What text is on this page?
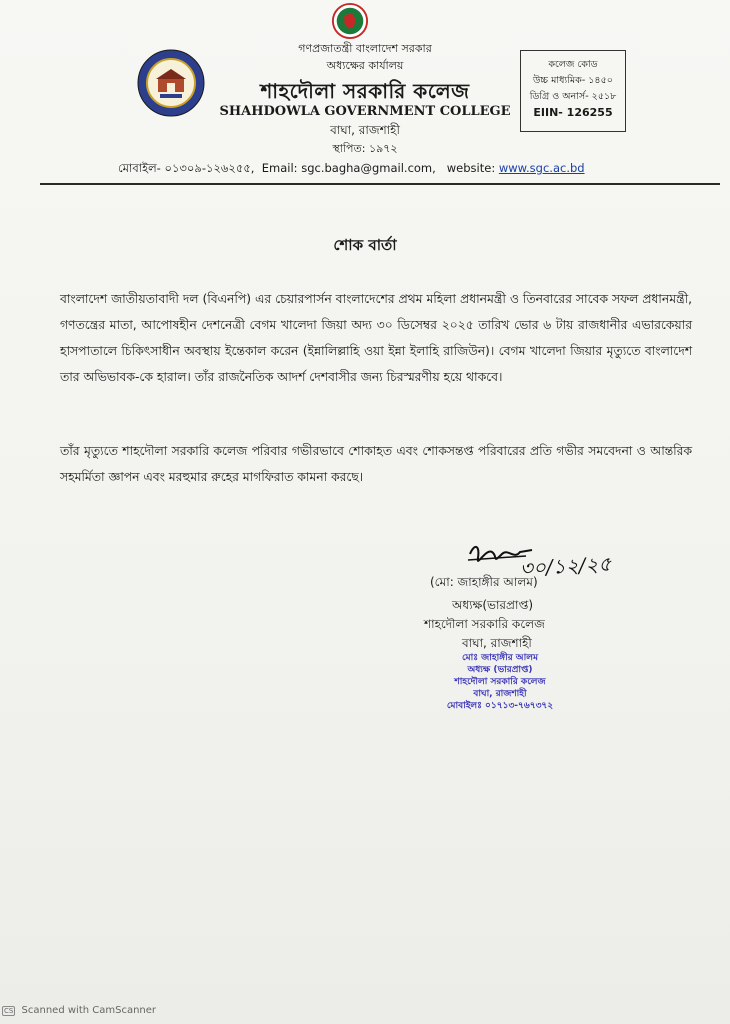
গণপ্রজাতন্ত্রী বাংলাদেশ সরকার
অধ্যক্ষের কার্যালয়
শাহদৌলা সরকারি কলেজ
SHAHDOWLA GOVERNMENT COLLEGE
বাঘা, রাজশাহী
স্থাপিত: ১৯৭২
মোবাইল- ০১৩০৯-১২৬২৫৫, Email: sgc.bagha@gmail.com, website: www.sgc.ac.bd
কলেজ কোড
উচ্চ মাধ্যমিক- ১৪৫০
ডিগ্রি ও অনার্স- ২৫১৮
EIIN- 126255
শোক বার্তা
বাংলাদেশ জাতীয়তাবাদী দল (বিএনপি) এর চেয়ারপার্সন বাংলাদেশের প্রথম মহিলা প্রধানমন্ত্রী ও তিনবারের সাবেক সফল প্রধানমন্ত্রী, গণতন্ত্রের মাতা, আপোষহীন দেশনেত্রী বেগম খালেদা জিয়া অদ্য ৩০ ডিসেম্বর ২০২৫ তারিখ ভোর ৬ টায় রাজধানীর এভারকেয়ার হাসপাতালে চিকিৎসাধীন অবস্থায় ইন্তেকাল করেন (ইন্নালিল্লাহি ওয়া ইন্না ইলাহি রাজিউন)। বেগম খালেদা জিয়ার মৃত্যুতে বাংলাদেশ তার অভিভাবক-কে হারাল। তাঁর রাজনৈতিক আদর্শ দেশবাসীর জন্য চিরস্মরণীয় হয়ে থাকবে।
তাঁর মৃত্যুতে শাহদৌলা সরকারি কলেজ পরিবার গভীরভাবে শোকাহত এবং শোকসন্তপ্ত পরিবারের প্রতি গভীর সমবেদনা ও আন্তরিক সহমর্মিতা জ্ঞাপন এবং মরহুমার রুহের মাগফিরাত কামনা করছে।
৩০/১২/২৫
(মো: জাহাঙ্গীর আলম)
অধ্যক্ষ(ভারপ্রাপ্ত)
শাহদৌলা সরকারি কলেজ
বাঘা, রাজশাহী
মোঃ জাহাঙ্গীর আলম
অধ্যক্ষ (ভারপ্রাপ্ত)
শাহদৌলা সরকারি কলেজ
বাঘা, রাজশাহী
মোবাইলঃ ০১৭১৩-৭৬৭৩৭২
CS Scanned with CamScanner
